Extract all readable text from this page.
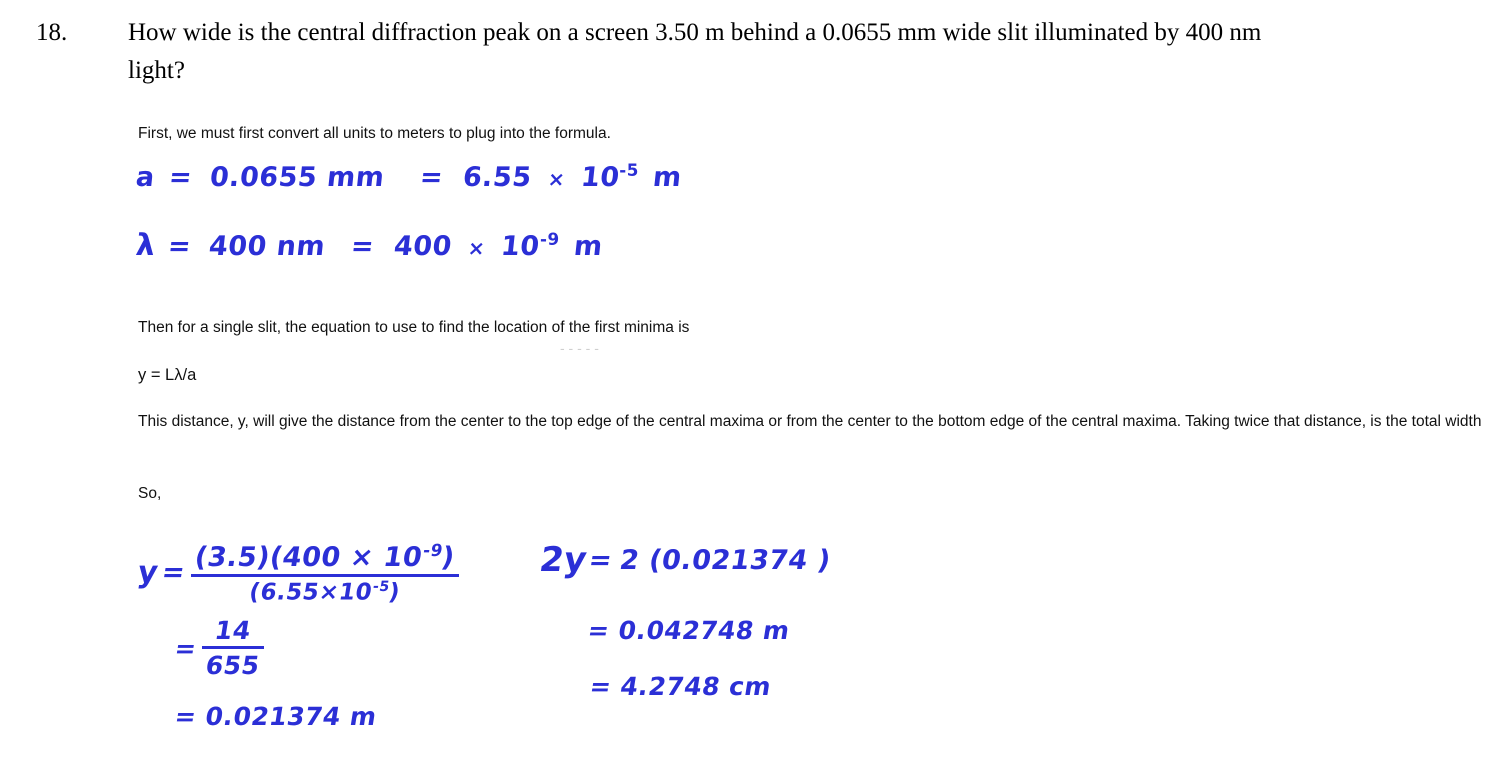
18.	How wide is the central diffraction peak on a screen 3.50 m behind a 0.0655 mm wide slit illuminated by 400 nm light?
First, we must first convert all units to meters to plug into the formula.
a = 0.0655 mm = $6.55 \times 10^{-5}$ m
λ = 400 nm = $400 \times 10^{-9}$ m
Then for a single slit, the equation to use to find the location of the first minima is
- - - - -
y = Lλ/a
This distance, y, will give the distance from the center to the top edge of the central maxima or from the center to the bottom edge of the central maxima. Taking twice that distance, is the total width
So,
y
= $\frac{(3.5)(400 \times 10^{-9})}{(6.55\times 10^{-5})}$
= $\frac{14}{655}$
= 0.021374 m
2y
= 2 (0.021374 )
= 0.042748 m
= 4.2748 cm
